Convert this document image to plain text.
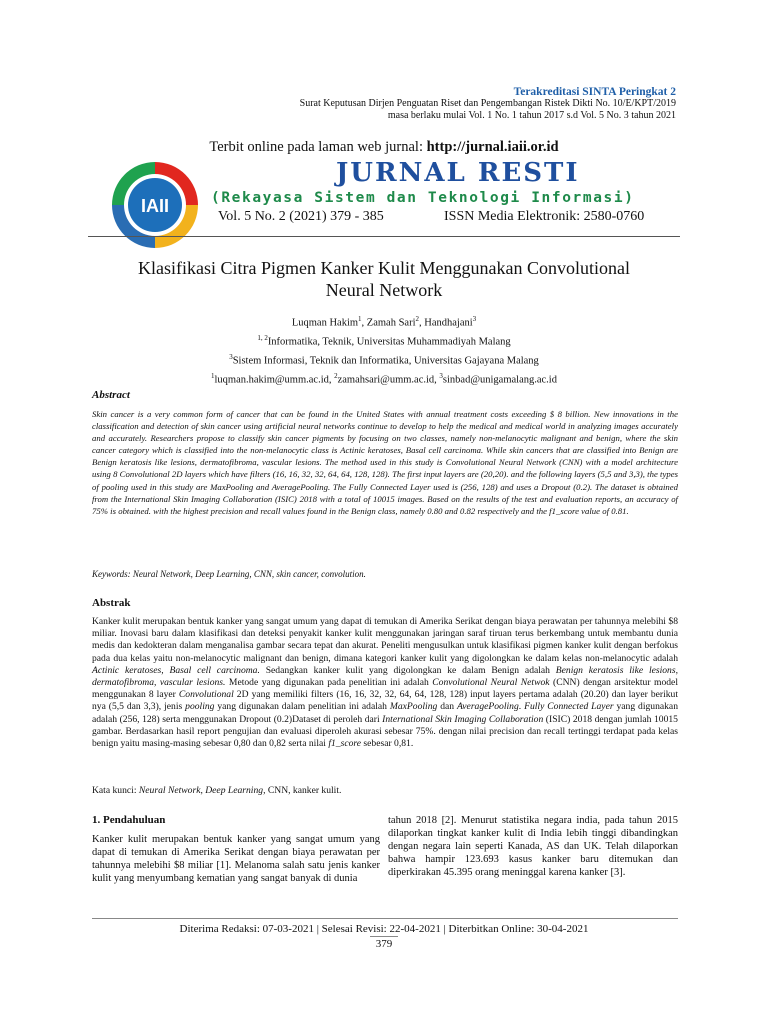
Terakreditasi SINTA Peringkat 2
Surat Keputusan Dirjen Penguatan Riset dan Pengembangan Ristek Dikti No. 10/E/KPT/2019
masa berlaku mulai Vol. 1 No. 1 tahun 2017 s.d Vol. 5 No. 3 tahun 2021
Terbit online pada laman web jurnal: http://jurnal.iaii.or.id
IAII
JURNAL RESTI
(Rekayasa Sistem dan Teknologi Informasi)
Vol. 5 No. 2 (2021) 379 - 385	ISSN Media Elektronik: 2580-0760
Klasifikasi Citra Pigmen Kanker Kulit Menggunakan Convolutional
Neural Network
Luqman Hakim$^1$, Zamah Sari$^2$, Handhajani$^3$
$^{1, 2}$Informatika, Teknik, Universitas Muhammadiyah Malang
$^3$Sistem Informasi, Teknik dan Informatika, Universitas Gajayana Malang
$^1$luqman.hakim@umm.ac.id, $^2$zamahsari@umm.ac.id, $^3$sinbad@unigamalang.ac.id
Abstract
Skin cancer is a very common form of cancer that can be found in the United States with annual treatment costs exceeding $ 8 billion. New innovations in the classification and detection of skin cancer using artificial neural networks continue to develop to help the medical and medical world in analyzing images accurately and accurately. Researchers propose to classify skin cancer pigments by focusing on two classes, namely non-melanocytic malignant and benign, where the skin cancer category which is classified into the non-melanocytic class is Actinic keratoses, Basal cell carcinoma. While skin cancers that are classified into Benign are Benign keratosis like lesions, dermatofibroma, vascular lesions. The method used in this study is Convolutional Neural Network (CNN) with a model architecture using 8 Convolutional 2D layers which have filters (16, 16, 32, 32, 64, 64, 128, 128). The first input layers are (20,20). and the following layers (5,5 and 3,3), the types of pooling used in this study are MaxPooling and AveragePooling. The Fully Connected Layer used is (256, 128) and uses a Dropout (0.2). The dataset is obtained from the International Skin Imaging Collaboration (ISIC) 2018 with a total of 10015 images. Based on the results of the test and evaluation reports, an accuracy of 75% is obtained. with the highest precision and recall values found in the Benign class, namely 0.80 and 0.82 respectively and the f1_score value of 0.81.
Keywords: Neural Network, Deep Learning, CNN, skin cancer, convolution.
Abstrak
Kanker kulit merupakan bentuk kanker yang sangat umum yang dapat di temukan di Amerika Serikat dengan biaya perawatan per tahunnya melebihi $8 miliar. Inovasi baru dalam klasifikasi dan deteksi penyakit kanker kulit menggunakan jaringan saraf tiruan terus berkembang untuk membantu dunia medis dan kedokteran dalam menganalisa gambar secara tepat dan akurat. Peneliti mengusulkan untuk klasifikasi pigmen kanker kulit dengan berfokus pada dua kelas yaitu non-melanocytic malignant dan benign, dimana kategori kanker kulit yang digolongkan ke dalam kelas non-melanocytic adalah Actinic keratoses, Basal cell carcinoma. Sedangkan kanker kulit yang digolongkan ke dalam Benign adalah Benign keratosis like lesions, dermatofibroma, vascular lesions. Metode yang digunakan pada penelitian ini adalah Convolutional Neural Netwok (CNN) dengan arsitektur model menggunakan 8 layer Convolutional 2D yang memiliki filters (16, 16, 32, 32, 64, 64, 128, 128) input layers pertama adalah (20.20) dan layer berikut nya (5,5 dan 3,3), jenis pooling yang digunakan dalam penelitian ini adalah MaxPooling dan AveragePooling. Fully Connected Layer yang digunakan adalah (256, 128) serta menggunakan Dropout (0.2)Dataset di peroleh dari International Skin Imaging Collaboration (ISIC) 2018 dengan jumlah 10015 gambar. Berdasarkan hasil report pengujian dan evaluasi diperoleh akurasi sebesar 75%. dengan nilai precision dan recall tertinggi terdapat pada kelas benign yaitu masing-masing sebesar 0,80 dan 0,82 serta nilai f1_score sebesar 0,81.
Kata kunci: Neural Network, Deep Learning, CNN, kanker kulit.
1. Pendahuluan
Kanker kulit merupakan bentuk kanker yang sangat umum yang dapat di temukan di Amerika Serikat dengan biaya perawatan per tahunnya melebihi $8 miliar [1]. Melanoma salah satu jenis kanker kulit yang menyumbang kematian yang sangat banyak di dunia
tahun 2018 [2]. Menurut statistika negara india, pada tahun 2015 dilaporkan tingkat kanker kulit di India lebih tinggi dibandingkan dengan negara lain seperti Kanada, AS dan UK. Telah dilaporkan bahwa hampir 123.693 kasus kanker baru ditemukan dan diperkirakan 45.395 orang meninggal karena kanker [3].
Diterima Redaksi: 07-03-2021 | Selesai Revisi: 22-04-2021 | Diterbitkan Online: 30-04-2021
379
